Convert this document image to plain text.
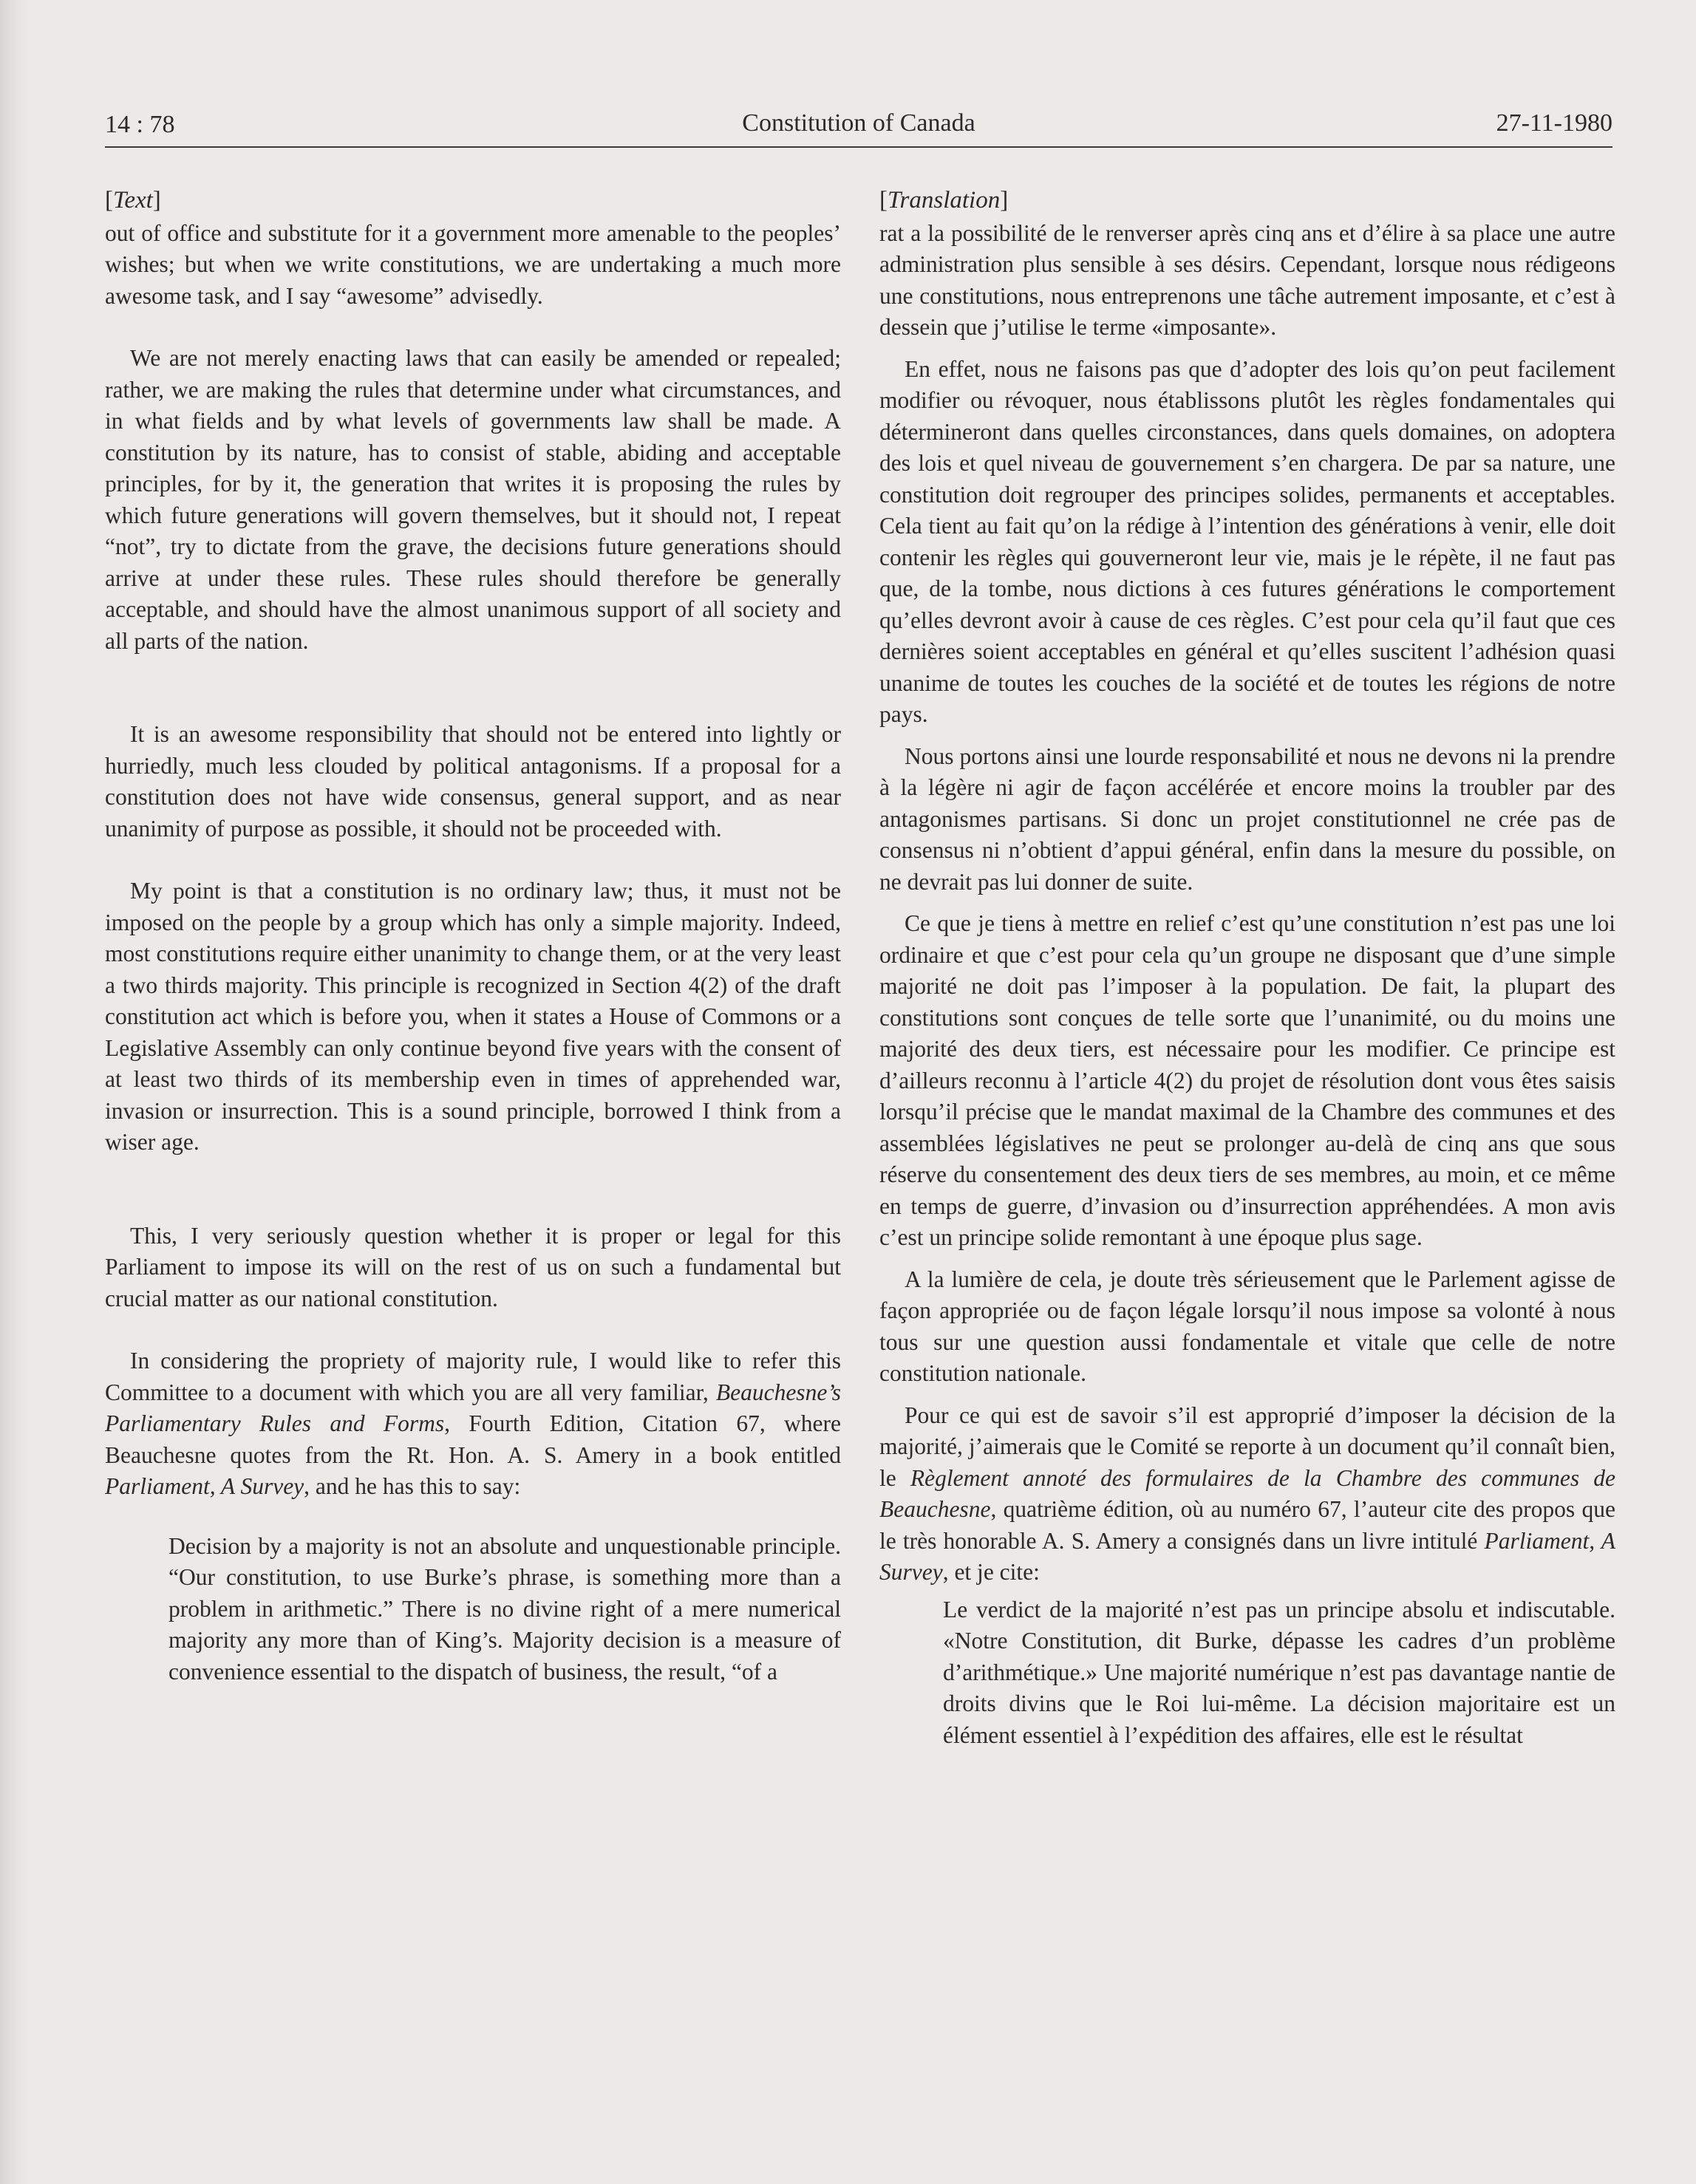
14 : 78	Constitution of Canada	27-11-1980
[Text]

out of office and substitute for it a government more amenable to the peoples’ wishes; but when we write constitutions, we are undertaking a much more awesome task, and I say “awesome” advisedly.

We are not merely enacting laws that can easily be amended or repealed; rather, we are making the rules that determine under what circumstances, and in what fields and by what levels of governments law shall be made. A constitution by its nature, has to consist of stable, abiding and acceptable principles, for by it, the generation that writes it is proposing the rules by which future generations will govern themselves, but it should not, I repeat “not”, try to dictate from the grave, the decisions future generations should arrive at under these rules. These rules should therefore be generally acceptable, and should have the almost unanimous support of all society and all parts of the nation.

It is an awesome responsibility that should not be entered into lightly or hurriedly, much less clouded by political antagonisms. If a proposal for a constitution does not have wide consensus, general support, and as near unanimity of purpose as possible, it should not be proceeded with.

My point is that a constitution is no ordinary law; thus, it must not be imposed on the people by a group which has only a simple majority. Indeed, most constitutions require either unanimity to change them, or at the very least a two thirds majority. This principle is recognized in Section 4(2) of the draft constitution act which is before you, when it states a House of Commons or a Legislative Assembly can only continue beyond five years with the consent of at least two thirds of its membership even in times of apprehended war, invasion or insurrection. This is a sound principle, borrowed I think from a wiser age.

This, I very seriously question whether it is proper or legal for this Parliament to impose its will on the rest of us on such a fundamental but crucial matter as our national constitution.

In considering the propriety of majority rule, I would like to refer this Committee to a document with which you are all very familiar, Beauchesne’s Parliamentary Rules and Forms, Fourth Edition, Citation 67, where Beauchesne quotes from the Rt. Hon. A. S. Amery in a book entitled Parliament, A Survey, and he has this to say:

Decision by a majority is not an absolute and unquestionable principle. “Our constitution, to use Burke’s phrase, is something more than a problem in arithmetic.” There is no divine right of a mere numerical majority any more than of King’s. Majority decision is a measure of convenience essential to the dispatch of business, the result, “of a

[Translation]

rat a la possibilité de le renverser après cinq ans et d’élire à sa place une autre administration plus sensible à ses désirs. Cependant, lorsque nous rédigeons une constitutions, nous entreprenons une tâche autrement imposante, et c’est à dessein que j’utilise le terme «imposante».

En effet, nous ne faisons pas que d’adopter des lois qu’on peut facilement modifier ou révoquer, nous établissons plutôt les règles fondamentales qui détermineront dans quelles circonstances, dans quels domaines, on adoptera des lois et quel niveau de gouvernement s’en chargera. De par sa nature, une constitution doit regrouper des principes solides, permanents et acceptables. Cela tient au fait qu’on la rédige à l’intention des générations à venir, elle doit contenir les règles qui gouverneront leur vie, mais je le répète, il ne faut pas que, de la tombe, nous dictions à ces futures générations le comportement qu’elles devront avoir à cause de ces règles. C’est pour cela qu’il faut que ces dernières soient acceptables en général et qu’elles suscitent l’adhésion quasi unanime de toutes les couches de la société et de toutes les régions de notre pays.

Nous portons ainsi une lourde responsabilité et nous ne devons ni la prendre à la légère ni agir de façon accélérée et encore moins la troubler par des antagonismes partisans. Si donc un projet constitutionnel ne crée pas de consensus ni n’obtient d’appui général, enfin dans la mesure du possible, on ne devrait pas lui donner de suite.

Ce que je tiens à mettre en relief c’est qu’une constitution n’est pas une loi ordinaire et que c’est pour cela qu’un groupe ne disposant que d’une simple majorité ne doit pas l’imposer à la population. De fait, la plupart des constitutions sont conçues de telle sorte que l’unanimité, ou du moins une majorité des deux tiers, est nécessaire pour les modifier. Ce principe est d’ailleurs reconnu à l’article 4(2) du projet de résolution dont vous êtes saisis lorsqu’il précise que le mandat maximal de la Chambre des communes et des assemblées législatives ne peut se prolonger au-delà de cinq ans que sous réserve du consentement des deux tiers de ses membres, au moin, et ce même en temps de guerre, d’invasion ou d’insurrection appréhendées. A mon avis c’est un principe solide remontant à une époque plus sage.

A la lumière de cela, je doute très sérieusement que le Parlement agisse de façon appropriée ou de façon légale lorsqu’il nous impose sa volonté à nous tous sur une question aussi fondamentale et vitale que celle de notre constitution nationale.

Pour ce qui est de savoir s’il est approprié d’imposer la décision de la majorité, j’aimerais que le Comité se reporte à un document qu’il connaît bien, le Règlement annoté des formulaires de la Chambre des communes de Beauchesne, quatrième édition, où au numéro 67, l’auteur cite des propos que le très honorable A. S. Amery a consignés dans un livre intitulé Parliament, A Survey, et je cite:

Le verdict de la majorité n’est pas un principe absolu et indiscutable. «Notre Constitution, dit Burke, dépasse les cadres d’un problème d’arithmétique.» Une majorité numérique n’est pas davantage nantie de droits divins que le Roi lui-même. La décision majoritaire est un élément essentiel à l’expédition des affaires, elle est le résultat
